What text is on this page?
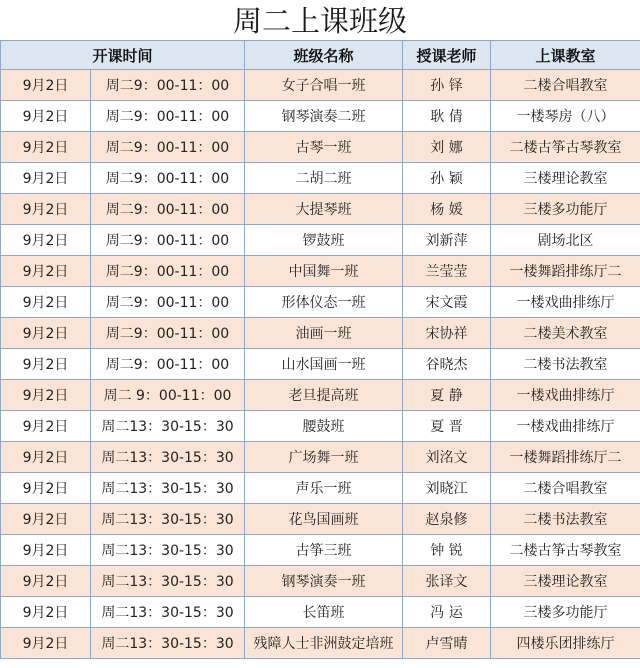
周二上课班级
开课时间		班级名称	授课老师	上课教室
9月2日	周二9：00-11：00	女子合唱一班	孙 铎	二楼合唱教室
9月2日	周二9：00-11：00	钢琴演奏二班	耿 倩	一楼琴房（八）
9月2日	周二9：00-11：00	古琴一班	刘 娜	二楼古筝古琴教室
9月2日	周二9：00-11：00	二胡二班	孙 颖	三楼理论教室
9月2日	周二9：00-11：00	大提琴班	杨 媛	三楼多功能厅
9月2日	周二9：00-11：00	锣鼓班	刘新萍	剧场北区
9月2日	周二9：00-11：00	中国舞一班	兰莹莹	一楼舞蹈排练厅二
9月2日	周二9：00-11：00	形体仪态一班	宋文霞	一楼戏曲排练厅
9月2日	周二9：00-11：00	油画一班	宋协祥	二楼美术教室
9月2日	周二9：00-11：00	山水国画一班	谷晓杰	二楼书法教室
9月2日	周二 9：00-11：00	老旦提高班	夏 静	一楼戏曲排练厅
9月2日	周二13：30-15：30	腰鼓班	夏 晋	一楼戏曲排练厅
9月2日	周二13：30-15：30	广场舞一班	刘洺文	一楼舞蹈排练厅二
9月2日	周二13：30-15：30	声乐一班	刘晓江	二楼合唱教室
9月2日	周二13：30-15：30	花鸟国画班	赵泉修	二楼书法教室
9月2日	周二13：30-15：30	古筝三班	钟 锐	二楼古筝古琴教室
9月2日	周二13：30-15：30	钢琴演奏一班	张译文	三楼理论教室
9月2日	周二13：30-15：30	长笛班	冯 运	三楼多功能厅
9月2日	周二13：30-15：30	残障人士非洲鼓定培班	卢雪晴	四楼乐团排练厅
